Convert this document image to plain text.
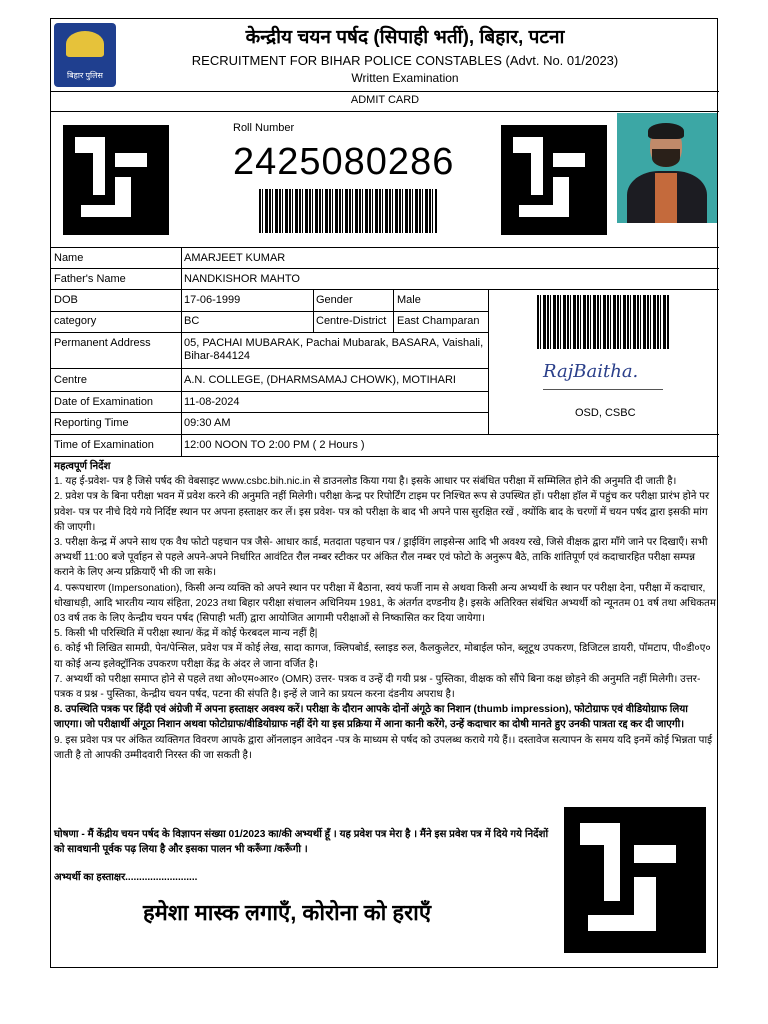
बिहार पुलिस
केन्द्रीय चयन पर्षद (सिपाही भर्ती), बिहार, पटना
RECRUITMENT FOR BIHAR POLICE CONSTABLES (Advt. No. 01/2023)
Written Examination
ADMIT CARD
Roll Number
2425080286
Name	AMARJEET KUMAR
Father's Name	NANDKISHOR MAHTO
DOB	17-06-1999	Gender	Male
category	BC	Centre-District East Champaran
Permanent Address	05, PACHAI MUBARAK, Pachai Mubarak, BASARA, Vaishali, Bihar-844124
Centre	A.N. COLLEGE, (DHARMSAMAJ CHOWK), MOTIHARI
Date of Examination	11-08-2024
Reporting Time	09:30 AM
Time of Examination	12:00 NOON TO 2:00 PM ( 2 Hours )
RajBaitha.
OSD, CSBC

महत्वपूर्ण निर्देश

1. यह ई-प्रवेश- पत्र है जिसे पर्षद की वेबसाइट www.csbc.bih.nic.in से डाउनलोड किया गया है। इसके आधार पर संबंधित परीक्षा में सम्मिलित होने की अनुमति दी जाती है।

2. प्रवेश पत्र के बिना परीक्षा भवन में प्रवेश करने की अनुमति नहीं मिलेगी। परीक्षा केन्द्र पर रिपोर्टिंग टाइम पर निश्चित रूप से उपस्थित हों। परीक्षा हॉल में पहुंच कर परीक्षा प्रारंभ होने पर प्रवेश- पत्र पर नीचे दिये गये निर्दिष्ट स्थान पर अपना हस्ताक्षर कर लें। इस प्रवेश- पत्र को परीक्षा के बाद भी अपने पास सुरक्षित रखें , क्योंकि बाद के चरणों में चयन पर्षद द्वारा इसकी मांग की जाएगी।

3. परीक्षा केन्द्र में अपने साथ एक वैध फोटो पहचान पत्र जैसे- आधार कार्ड, मतदाता पहचान पत्र / ड्राईविंग लाइसेन्स आदि भी अवश्य रखे, जिसे वीक्षक द्वारा माँगे जाने पर दिखाएँ। सभी अभ्यर्थी 11:00 बजे पूर्वाहन से पहले अपने-अपने निर्धारित आवंटित रौल नम्बर स्टीकर पर अंकित रौल नम्बर एवं फोटो के अनुरूप बैठे, ताकि शांतिपूर्ण एवं कदाचारहित परीक्षा सम्पन्न कराने के लिए अन्य प्रक्रियाएँ भी की जा सके।

4. परूपधारण (Impersonation), किसी अन्य व्यक्ति को अपने स्थान पर परीक्षा में बैठाना, स्वयं फर्जी नाम से अथवा किसी अन्य अभ्यर्थी के स्थान पर परीक्षा देना, परीक्षा में कदाचार, धोखाधड़ी, आदि भारतीय न्याय संहिता, 2023 तथा बिहार परीक्षा संचालन अधिनियम 1981, के अंतर्गत दण्डनीय है। इसके अतिरिक्त संबंधित अभ्यर्थी को न्यूनतम 01 वर्ष तथा अधिकतम 03 वर्ष तक के लिए केन्द्रीय चयन पर्षद (सिपाही भर्ती) द्वारा आयोजित आगामी परीक्षाओं से निष्कासित कर दिया जायेगा।

5. किसी भी परिस्थिति में परीक्षा स्थान/ केंद्र में कोई फेरबदल मान्य नहीं है|

6. कोई भी लिखित सामग्री, पेन/पेन्सिल, प्रवेश पत्र में कोई लेख, सादा कागज, क्लिपबोर्ड, स्लाइड रुल, कैलकुलेटर, मोबाईल फोन, ब्लूटूथ उपकरण, डिजिटल डायरी, पॉमटाप, पी०डी०ए० या कोई अन्य इलेक्ट्रॉनिक उपकरण परीक्षा केंद्र के अंदर ले जाना वर्जित है।

7. अभ्यर्थी को परीक्षा समाप्त होने से पहले तथा ओ०एम०आर० (OMR) उत्तर- पत्रक व उन्हें दी गयी प्रश्न - पुस्तिका, वीक्षक को सौंपे बिना कक्ष छोड़ने की अनुमति नहीं मिलेगी। उत्तर- पत्रक व प्रश्न - पुस्तिका, केन्द्रीय चयन पर्षद, पटना की संपति है। इन्हें ले जाने का प्रयत्न करना दंडनीय अपराध है।

8. उपस्थिति पत्रक पर हिंदी एवं अंग्रेजी में अपना हस्ताक्षर अवश्य करें। परीक्षा के दौरान आपके दोनों अंगूठे का निशान (thumb impression), फोटोग्राफ एवं वीडियोग्राफ लिया जाएगा। जो परीक्षार्थी अंगूठा निशान अथवा फोटोग्राफ/वीडियोग्राफ नहीं देंगे या इस प्रक्रिया में आना कानी करेंगे, उन्हें कदाचार का दोषी मानते हुए उनकी पात्रता रद्द कर दी जाएगी।

9. इस प्रवेश पत्र पर अंकित व्यक्तिगत विवरण आपके द्वारा ऑनलाइन आवेदन -पत्र के माध्यम से पर्षद को उपलब्ध कराये गये हैं।। दस्तावेज सत्यापन के समय यदि इनमें कोई भिन्नता पाई जाती है तो आपकी उम्मीदवारी निरस्त की जा सकती है।

घोषणा - मैं केंद्रीय चयन पर्षद के विज्ञापन संख्या 01/2023 का/की अभ्यर्थी हूँ । यह प्रवेश पत्र मेरा है । मैंने इस प्रवेश पत्र में दिये गये निर्देशों को सावधानी पूर्वक पढ़ लिया है और इसका पालन भी करूँगा /करूँगी ।
अभ्यर्थी का हस्ताक्षर..........................
हमेशा मास्क लगाएँ, कोरोना को हराएँ
